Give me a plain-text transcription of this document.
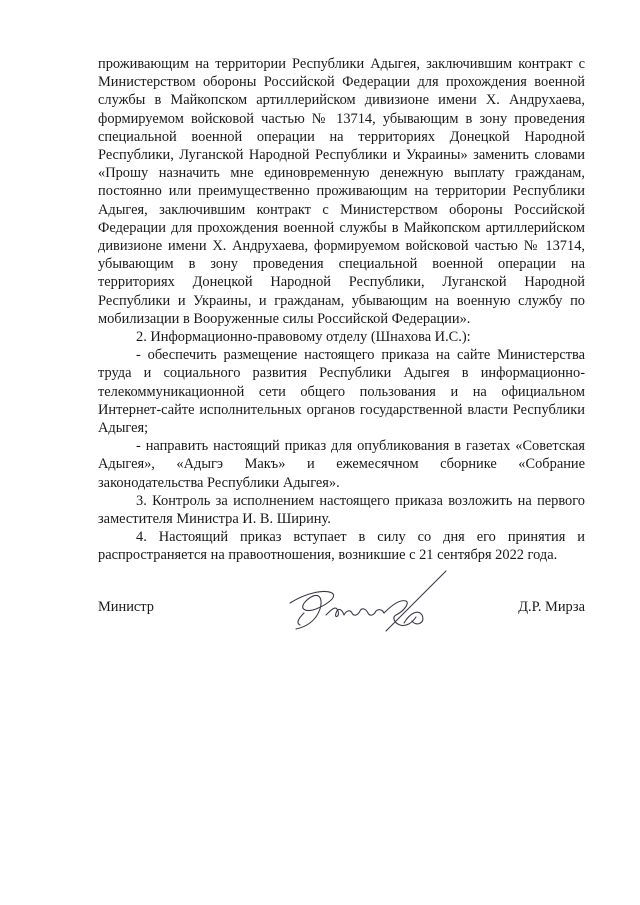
проживающим на территории Республики Адыгея, заключившим контракт с Министерством обороны Российской Федерации для прохождения военной службы в Майкопском артиллерийском дивизионе имени Х. Андрухаева, формируемом войсковой частью № 13714, убывающим в зону проведения специальной военной операции на территориях Донецкой Народной Республики, Луганской Народной Республики и Украины» заменить словами «Прошу назначить мне единовременную денежную выплату гражданам, постоянно или преимущественно проживающим на территории Республики Адыгея, заключившим контракт с Министерством обороны Российской Федерации для прохождения военной службы в Майкопском артиллерийском дивизионе имени Х. Андрухаева, формируемом войсковой частью № 13714, убывающим в зону проведения специальной военной операции на территориях Донецкой Народной Республики, Луганской Народной Республики и Украины, и гражданам, убывающим на военную службу по мобилизации в Вооруженные силы Российской Федерации».

2. Информационно-правовому отделу (Шнахова И.С.):

- обеспечить размещение настоящего приказа на сайте Министерства труда и социального развития Республики Адыгея в информационно-телекоммуникационной сети общего пользования и на официальном Интернет-сайте исполнительных органов государственной власти Республики Адыгея;

- направить настоящий приказ для опубликования в газетах «Советская Адыгея», «Адыгэ Макъ» и ежемесячном сборнике «Собрание законодательства Республики Адыгея».

3. Контроль за исполнением настоящего приказа возложить на первого заместителя Министра И. В. Ширину.

4. Настоящий приказ вступает в силу со дня его принятия и распространяется на правоотношения, возникшие с 21 сентября 2022 года.

Министр	Д.Р. Мирза
